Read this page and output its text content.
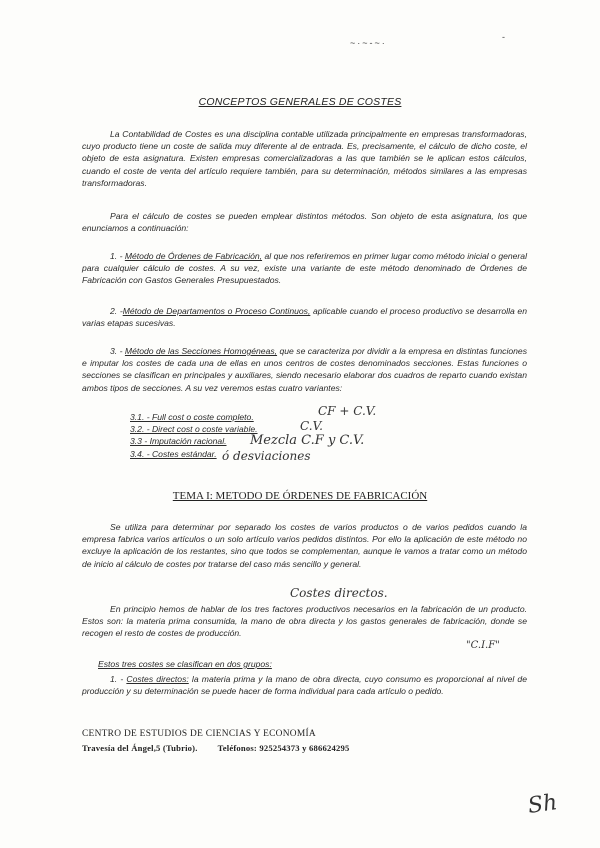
~·~-~·
-
CONCEPTOS GENERALES DE COSTES
La Contabilidad de Costes es una disciplina contable utilizada principalmente en empresas transformadoras, cuyo producto tiene un coste de salida muy diferente al de entrada. Es, precisamente, el cálculo de dicho coste, el objeto de esta asignatura. Existen empresas comercializadoras a las que también se le aplican estos cálculos, cuando el coste de venta del artículo requiere también, para su determinación, métodos similares a las empresas transformadoras.
Para el cálculo de costes se pueden emplear distintos métodos. Son objeto de esta asignatura, los que enunciamos a continuación:
1. - Método de Órdenes de Fabricación, al que nos referiremos en primer lugar como método inicial o general para cualquier cálculo de costes. A su vez, existe una variante de este método denominado de Órdenes de Fabricación con Gastos Generales Presupuestados.
2. -Método de Departamentos o Proceso Continuos, aplicable cuando el proceso productivo se desarrolla en varias etapas sucesivas.
3. - Método de las Secciones Homogéneas, que se caracteriza por dividir a la empresa en distintas funciones e imputar los costes de cada una de ellas en unos centros de costes denominados secciones. Estas funciones o secciones se clasifican en principales y auxiliares, siendo necesario elaborar dos cuadros de reparto cuando existan ambos tipos de secciones. A su vez veremos estas cuatro variantes:
3.1. - Full cost o coste completo.
3.2. - Direct cost o coste variable.
3.3 - Imputación racional.
3.4. - Costes estándar.
CF + C.V.
C.V.
Mezcla C.F y C.V.
ó desviaciones
TEMA I: METODO DE ÓRDENES DE FABRICACIÓN
Se utiliza para determinar por separado los costes de varios productos o de varios pedidos cuando la empresa fabrica varios artículos o un solo artículo varios pedidos distintos. Por ello la aplicación de este método no excluye la aplicación de los restantes, sino que todos se complementan, aunque le vamos a tratar como un método de inicio al cálculo de costes por tratarse del caso más sencillo y general.
Costes directos.
En principio hemos de hablar de los tres factores productivos necesarios en la fabricación de un producto. Estos son: la materia prima consumida, la mano de obra directa y los gastos generales de fabricación, donde se recogen el resto de costes de producción.
"C.I.F"
Estos tres costes se clasifican en dos grupos:
1. - Costes directos: la materia prima y la mano de obra directa, cuyo consumo es proporcional al nivel de producción y su determinación se puede hacer de forma individual para cada artículo o pedido.
CENTRO DE ESTUDIOS DE CIENCIAS Y ECONOMÍA
Travesía del Ángel,5 (Tubrio). Teléfonos: 925254373 y 686624295
Sh
